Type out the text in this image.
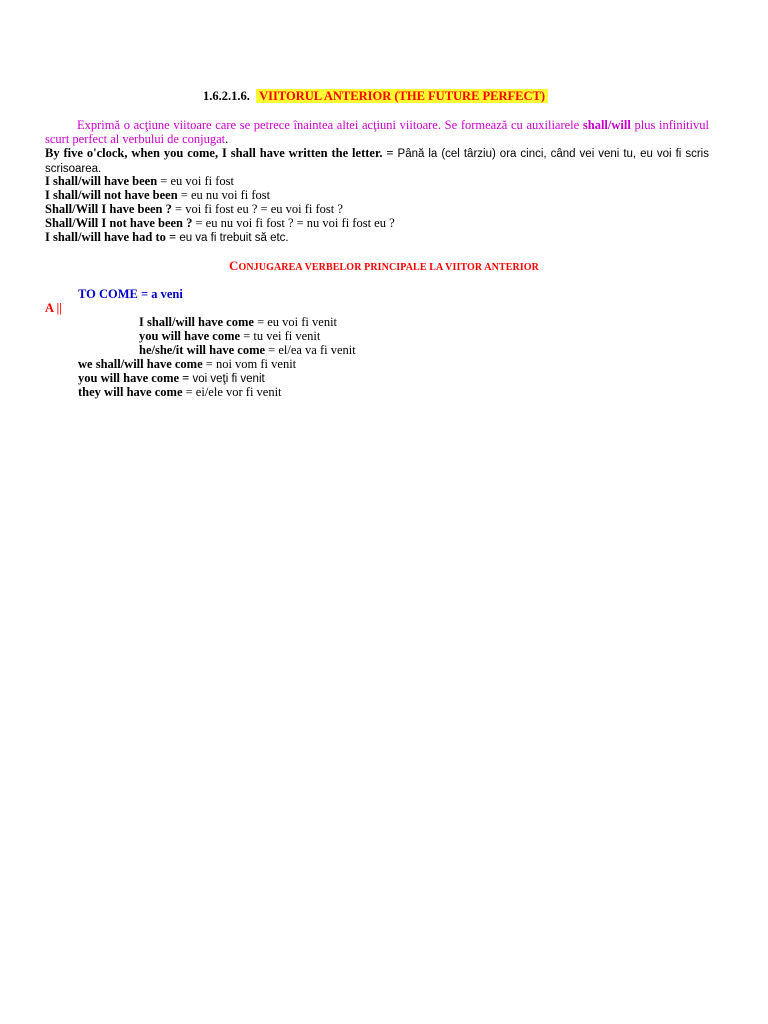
1.6.2.1.6. VIITORUL ANTERIOR (THE FUTURE PERFECT)
Exprimă o acţiune viitoare care se petrece înaintea altei acţiuni viitoare. Se formează cu auxiliarele shall/will plus infinitivul scurt perfect al verbului de conjugat.
By five o'clock, when you come, I shall have written the letter. = Până la (cel târziu) ora cinci, când vei veni tu, eu voi fi scris scrisoarea.
I shall/will have been = eu voi fi fost
I shall/will not have been = eu nu voi fi fost
Shall/Will I have been ? = voi fi fost eu ? = eu voi fi fost ?
Shall/Will I not have been ? = eu nu voi fi fost ? = nu voi fi fost eu ?
I shall/will have had to = eu va fi trebuit să etc.
CONJUGAREA VERBELOR PRINCIPALE LA VIITOR ANTERIOR
TO COME = a veni
A ||
I shall/will have come = eu voi fi venit
you will have come = tu vei fi venit
he/she/it will have come = el/ea va fi venit
we shall/will have come = noi vom fi venit
you will have come = voi veţi fi venit
they will have come = ei/ele vor fi venit
